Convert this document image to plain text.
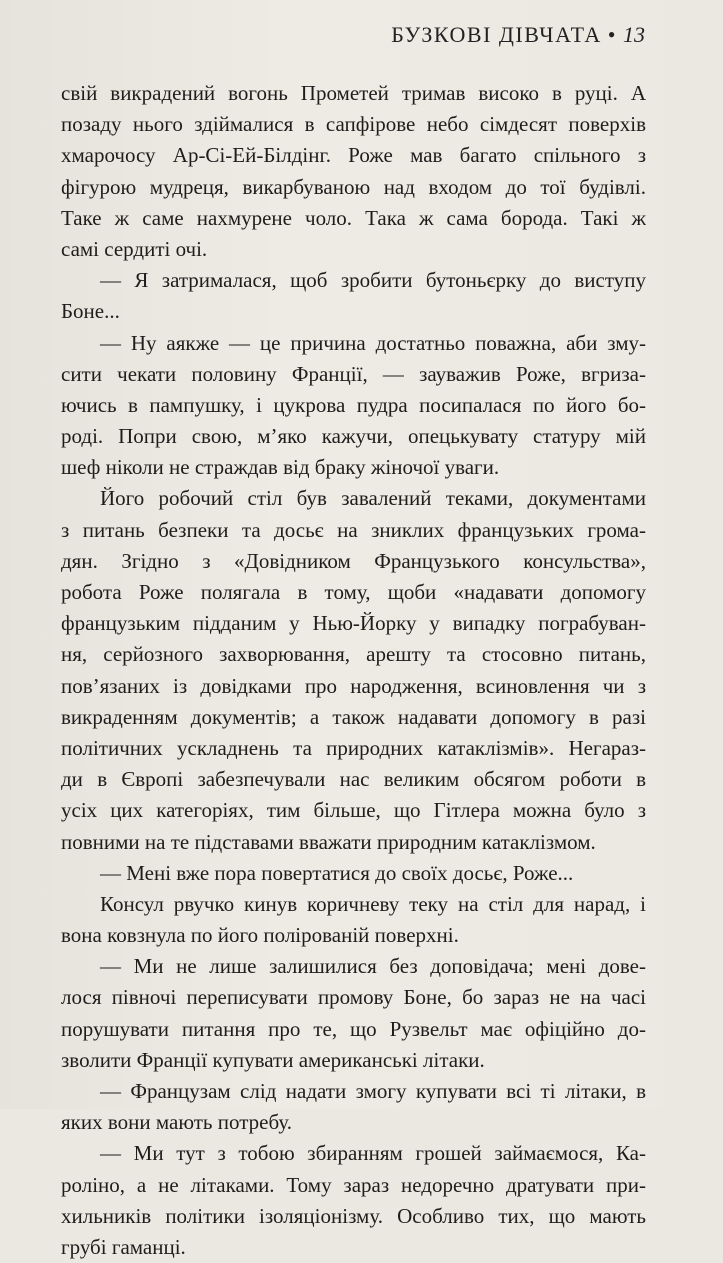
БУЗКОВІ ДІВЧАТА • 13
свій викрадений вогонь Прометей тримав високо в руці. А
позаду нього здіймалися в сапфірове небо сімдесят поверхів
хмарочосу Ар-Сі-Ей-Білдінг. Роже мав багато спільного з
фігурою мудреця, викарбуваною над входом до тої будівлі.
Таке ж саме нахмурене чоло. Така ж сама борода. Такі ж
самі сердиті очі.
— Я затрималася, щоб зробити бутоньєрку до виступу
Боне...
— Ну аякже — це причина достатньо поважна, аби зму-
сити чекати половину Франції, — зауважив Роже, вгриза-
ючись в пампушку, і цукрова пудра посипалася по його бо-
роді. Попри свою, м’яко кажучи, опецькувату статуру мій
шеф ніколи не страждав від браку жіночої уваги.
Його робочий стіл був завалений теками, документами
з питань безпеки та досьє на зниклих французьких грома-
дян. Згідно з «Довідником Французького консульства»,
робота Роже полягала в тому, щоби «надавати допомогу
французьким підданим у Нью-Йорку у випадку пограбуван-
ня, серйозного захворювання, арешту та стосовно питань,
пов’язаних із довідками про народження, всиновлення чи з
викраденням документів; а також надавати допомогу в разі
політичних ускладнень та природних катаклізмів». Негараз-
ди в Європі забезпечували нас великим обсягом роботи в
усіх цих категоріях, тим більше, що Гітлера можна було з
повними на те підставами вважати природним катаклізмом.
— Мені вже пора повертатися до своїх досьє, Роже...
Консул рвучко кинув коричневу теку на стіл для нарад, і
вона ковзнула по його полірованій поверхні.
— Ми не лише залишилися без доповідача; мені дове-
лося півночі переписувати промову Боне, бо зараз не на часі
порушувати питання про те, що Рузвельт має офіційно до-
зволити Франції купувати американські літаки.
— Французам слід надати змогу купувати всі ті літаки, в
яких вони мають потребу.
— Ми тут з тобою збиранням грошей займаємося, Ка-
роліно, а не літаками. Тому зараз недоречно дратувати при-
хильників політики ізоляціонізму. Особливо тих, що мають
грубі гаманці.
